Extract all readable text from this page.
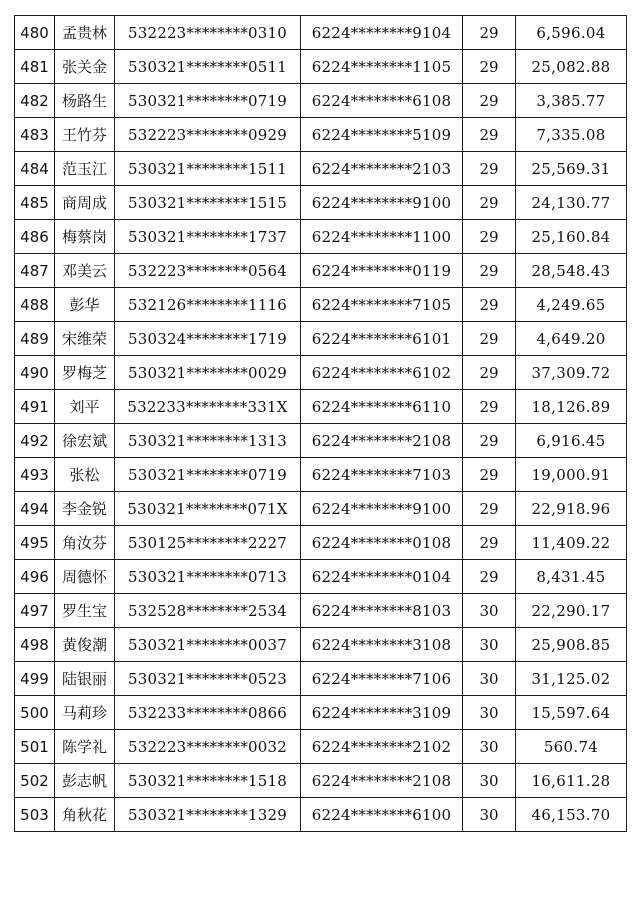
480	孟贵林	532223********0310	6224********9104	29	6,596.04
481	张关金	530321********0511	6224********1105	29	25,082.88
482	杨路生	530321********0719	6224********6108	29	3,385.77
483	王竹芬	532223********0929	6224********5109	29	7,335.08
484	范玉江	530321********1511	6224********2103	29	25,569.31
485	商周成	530321********1515	6224********9100	29	24,130.77
486	梅蔡岗	530321********1737	6224********1100	29	25,160.84
487	邓美云	532223********0564	6224********0119	29	28,548.43
488	彭华	532126********1116	6224********7105	29	4,249.65
489	宋维荣	530324********1719	6224********6101	29	4,649.20
490	罗梅芝	530321********0029	6224********6102	29	37,309.72
491	刘平	532233********331X	6224********6110	29	18,126.89
492	徐宏斌	530321********1313	6224********2108	29	6,916.45
493	张松	530321********0719	6224********7103	29	19,000.91
494	李金锐	530321********071X	6224********9100	29	22,918.96
495	角汝芬	530125********2227	6224********0108	29	11,409.22
496	周德怀	530321********0713	6224********0104	29	8,431.45
497	罗生宝	532528********2534	6224********8103	30	22,290.17
498	黄俊潮	530321********0037	6224********3108	30	25,908.85
499	陆银丽	530321********0523	6224********7106	30	31,125.02
500	马莉珍	532233********0866	6224********3109	30	15,597.64
501	陈学礼	532223********0032	6224********2102	30	560.74
502	彭志帆	530321********1518	6224********2108	30	16,611.28
503	角秋花	530321********1329	6224********6100	30	46,153.70
